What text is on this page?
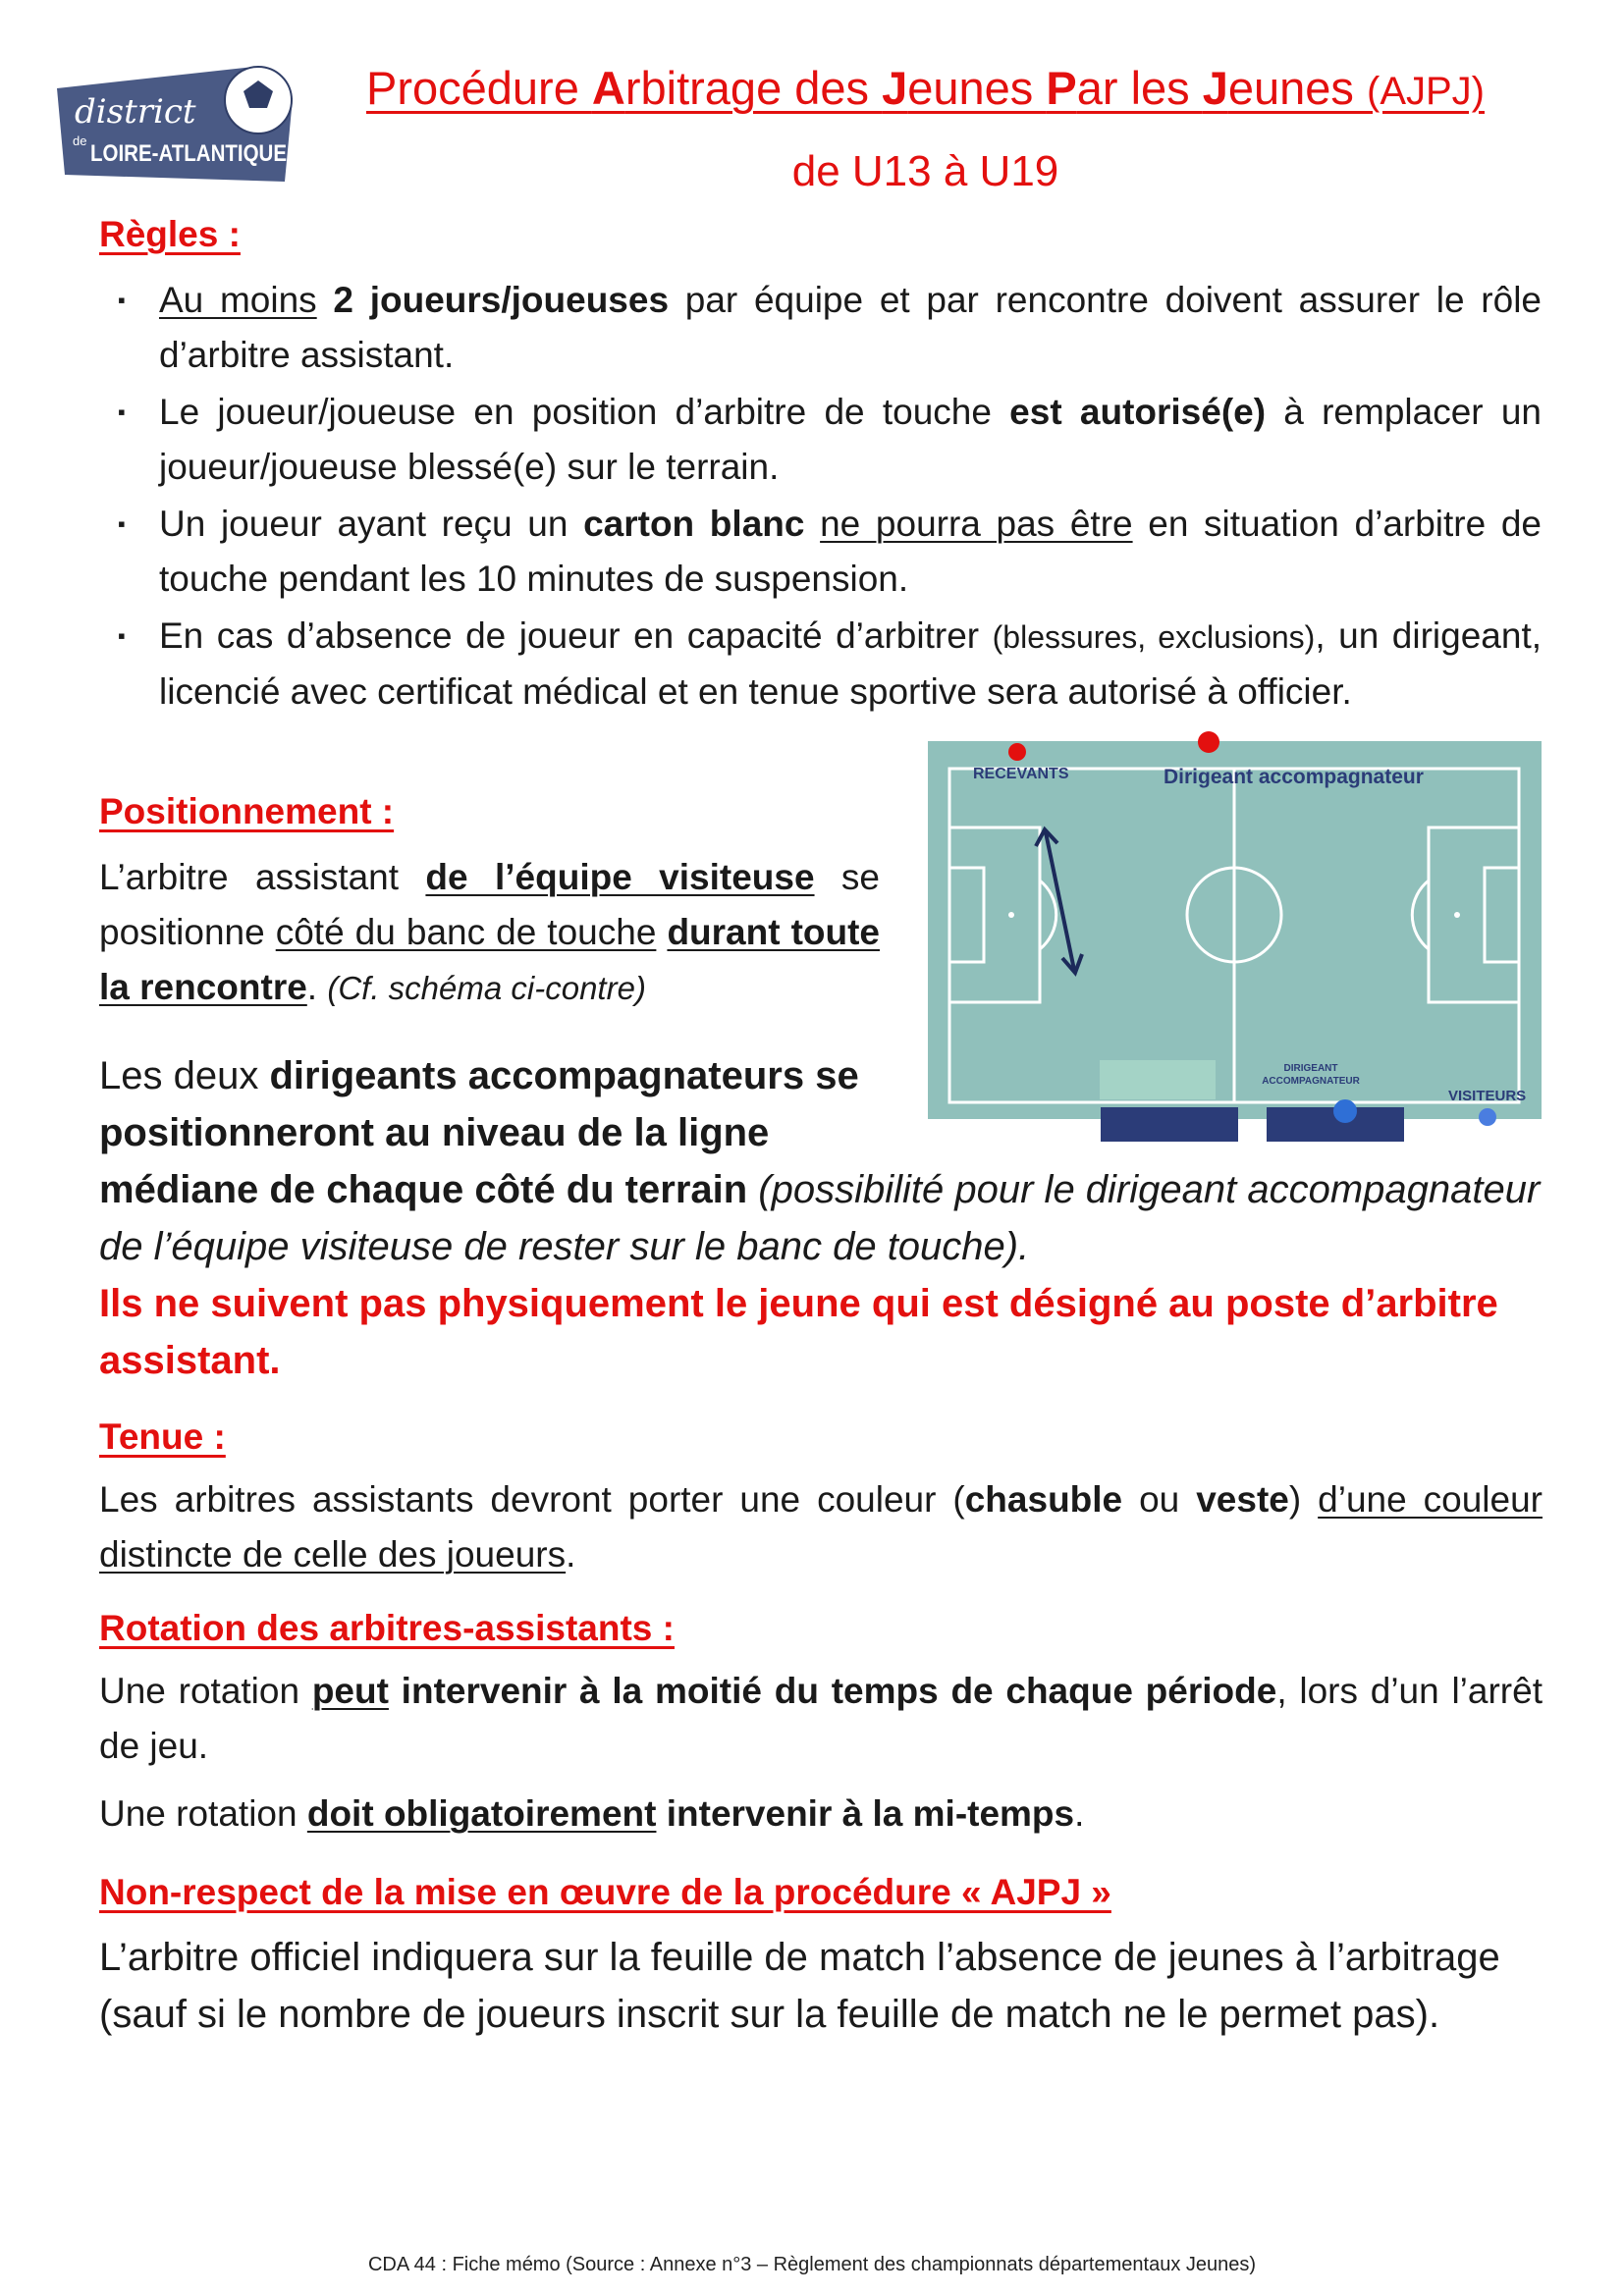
district
de LOIRE-ATLANTIQUE
Procédure Arbitrage des Jeunes Par les Jeunes (AJPJ)
de U13 à U19
Règles :
▪ Au moins 2 joueurs/joueuses par équipe et par rencontre doivent assurer le rôle d’arbitre assistant.
▪ Le joueur/joueuse en position d’arbitre de touche est autorisé(e) à remplacer un joueur/joueuse blessé(e) sur le terrain.
▪ Un joueur ayant reçu un carton blanc ne pourra pas être en situation d’arbitre de touche pendant les 10 minutes de suspension.
▪ En cas d’absence de joueur en capacité d’arbitrer (blessures, exclusions), un dirigeant, licencié avec certificat médical et en tenue sportive sera autorisé à officier.
Positionnement :
L’arbitre assistant de l’équipe visiteuse se positionne côté du banc de touche durant toute la rencontre. (Cf. schéma ci-contre)
RECEVANTS	Dirigeant accompagnateur
DIRIGEANT
ACCOMPAGNATEUR
VISITEURS
Les deux dirigeants accompagnateurs se positionneront au niveau de la ligne
médiane de chaque côté du terrain (possibilité pour le dirigeant accompagnateur de l’équipe visiteuse de rester sur le banc de touche).
Ils ne suivent pas physiquement le jeune qui est désigné au poste d’arbitre assistant.
Tenue :
Les arbitres assistants devront porter une couleur (chasuble ou veste) d’une couleur distincte de celle des joueurs.
Rotation des arbitres-assistants :
Une rotation peut intervenir à la moitié du temps de chaque période, lors d’un l’arrêt de jeu.
Une rotation doit obligatoirement intervenir à la mi-temps.
Non-respect de la mise en œuvre de la procédure « AJPJ »
L’arbitre officiel indiquera sur la feuille de match l’absence de jeunes à l’arbitrage (sauf si le nombre de joueurs inscrit sur la feuille de match ne le permet pas).
CDA 44 : Fiche mémo (Source : Annexe n°3 – Règlement des championnats départementaux Jeunes)
